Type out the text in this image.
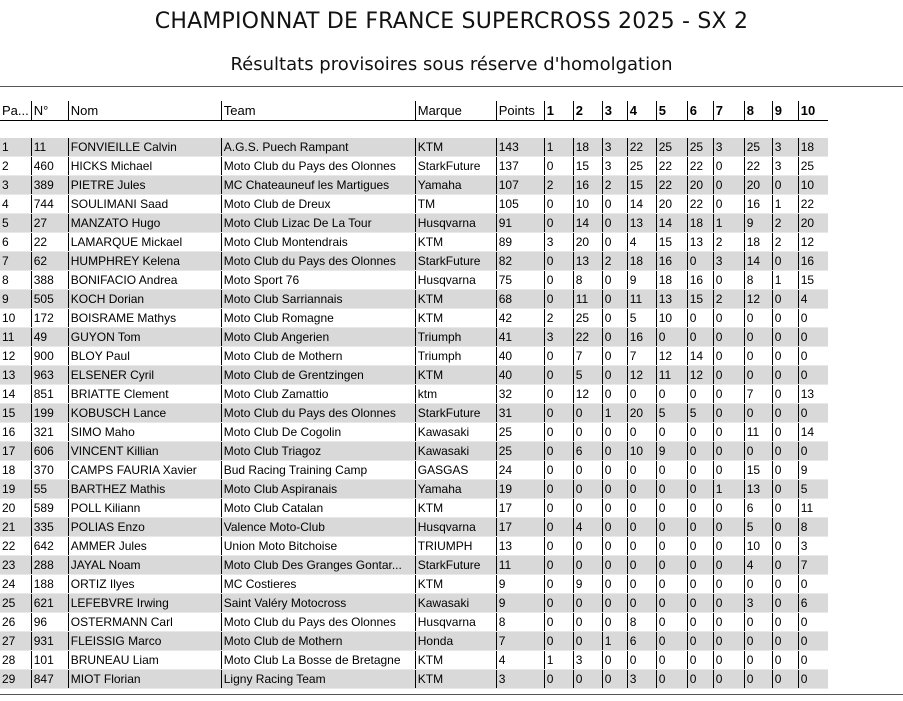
CHAMPIONNAT DE FRANCE SUPERCROSS 2025 - SX 2
Résultats provisoires sous réserve d'homolgation
Pa...	N°	Nom	Team	Marque	Points	1	2	3	4	5	6	7	8	9	10

1	11	FONVIEILLE Calvin	A.G.S. Puech Rampant	KTM	143	1	18	3	22	25	25	3	25	3	18
2	460	HICKS Michael	Moto Club du Pays des Olonnes	StarkFuture	137	0	15	3	25	22	22	0	22	3	25
3	389	PIETRE Jules	MC Chateauneuf les Martigues	Yamaha	107	2	16	2	15	22	20	0	20	0	10
4	744	SOULIMANI Saad	Moto Club de Dreux	TM	105	0	10	0	14	20	22	0	16	1	22
5	27	MANZATO Hugo	Moto Club Lizac De La Tour	Husqvarna	91	0	14	0	13	14	18	1	9	2	20
6	22	LAMARQUE Mickael	Moto Club Montendrais	KTM	89	3	20	0	4	15	13	2	18	2	12
7	62	HUMPHREY Kelena	Moto Club du Pays des Olonnes	StarkFuture	82	0	13	2	18	16	0	3	14	0	16
8	388	BONIFACIO Andrea	Moto Sport 76	Husqvarna	75	0	8	0	9	18	16	0	8	1	15
9	505	KOCH Dorian	Moto Club Sarriannais	KTM	68	0	11	0	11	13	15	2	12	0	4
10	172	BOISRAME Mathys	Moto Club Romagne	KTM	42	2	25	0	5	10	0	0	0	0	0
11	49	GUYON Tom	Moto Club Angerien	Triumph	41	3	22	0	16	0	0	0	0	0	0
12	900	BLOY Paul	Moto Club de Mothern	Triumph	40	0	7	0	7	12	14	0	0	0	0
13	963	ELSENER Cyril	Moto Club de Grentzingen	KTM	40	0	5	0	12	11	12	0	0	0	0
14	851	BRIATTE Clement	Moto Club Zamattio	ktm	32	0	12	0	0	0	0	0	7	0	13
15	199	KOBUSCH Lance	Moto Club du Pays des Olonnes	StarkFuture	31	0	0	1	20	5	5	0	0	0	0
16	321	SIMO Maho	Moto Club De Cogolin	Kawasaki	25	0	0	0	0	0	0	0	11	0	14
17	606	VINCENT Killian	Moto Club Triagoz	Kawasaki	25	0	6	0	10	9	0	0	0	0	0
18	370	CAMPS FAURIA Xavier	Bud Racing Training Camp	GASGAS	24	0	0	0	0	0	0	0	15	0	9
19	55	BARTHEZ Mathis	Moto Club Aspiranais	Yamaha	19	0	0	0	0	0	0	1	13	0	5
20	589	POLL Kiliann	Moto Club Catalan	KTM	17	0	0	0	0	0	0	0	6	0	11
21	335	POLIAS Enzo	Valence Moto-Club	Husqvarna	17	0	4	0	0	0	0	0	5	0	8
22	642	AMMER Jules	Union Moto Bitchoise	TRIUMPH	13	0	0	0	0	0	0	0	10	0	3
23	288	JAYAL Noam	Moto Club Des Granges Gontar...	StarkFuture	11	0	0	0	0	0	0	0	4	0	7
24	188	ORTIZ Ilyes	MC Costieres	KTM	9	0	9	0	0	0	0	0	0	0	0
25	621	LEFEBVRE Irwing	Saint Valéry Motocross	Kawasaki	9	0	0	0	0	0	0	0	3	0	6
26	96	OSTERMANN Carl	Moto Club du Pays des Olonnes	Husqvarna	8	0	0	0	8	0	0	0	0	0	0
27	931	FLEISSIG Marco	Moto Club de Mothern	Honda	7	0	0	1	6	0	0	0	0	0	0
28	101	BRUNEAU Liam	Moto Club La Bosse de Bretagne	KTM	4	1	3	0	0	0	0	0	0	0	0
29	847	MIOT Florian	Ligny Racing Team	KTM	3	0	0	0	3	0	0	0	0	0	0
